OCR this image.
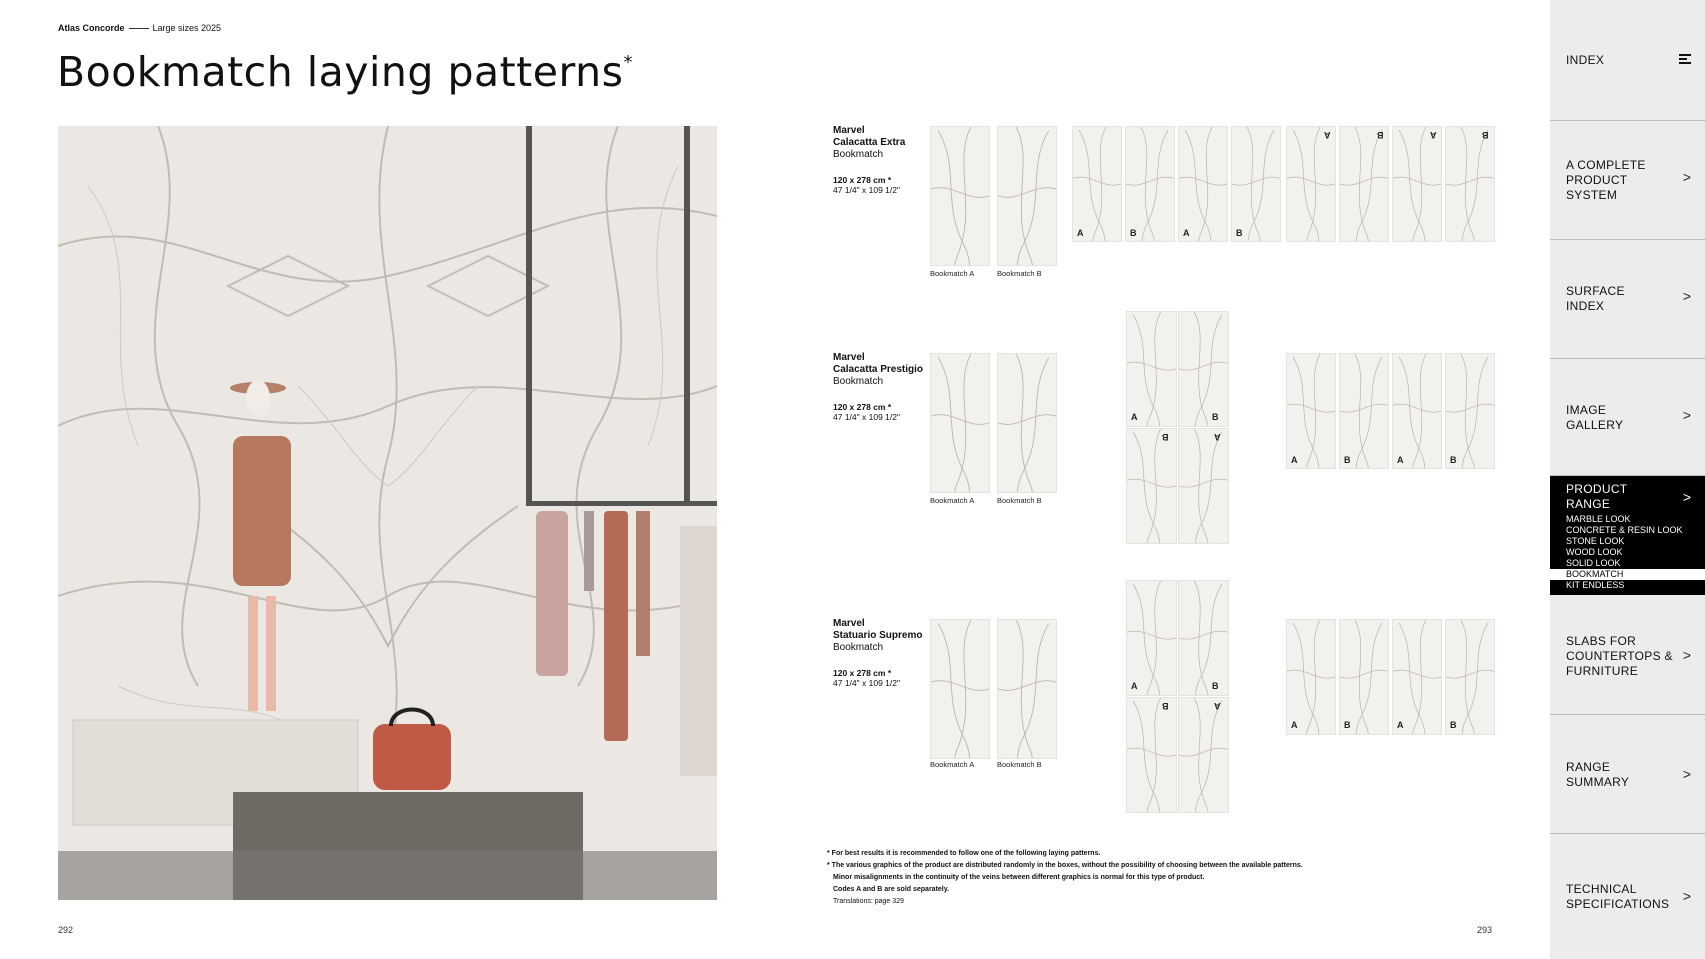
Atlas Concorde	Large sizes 2025
Bookmatch laying patterns*
292	293
Marvel
Calacatta Extra
Bookmatch
120 x 278 cm *
47 1/4" x 109 1/2"
Marvel
Calacatta Prestigio
Bookmatch
120 x 278 cm *
47 1/4" x 109 1/2"
Marvel
Statuario Supremo
Bookmatch
120 x 278 cm *
47 1/4" x 109 1/2"
Bookmatch A	Bookmatch B
A	B	A	B
A	B	A	B
Bookmatch A	Bookmatch B
A	B
B	A
A	B	A	B
Bookmatch A	Bookmatch B
A	B
B	A
A	B	A	B
* For best results it is recommended to follow one of the following laying patterns.
* The various graphics of the product are distributed randomly in the boxes, without the possibility of choosing between the available patterns.
Minor misalignments in the continuity of the veins between different graphics is normal for this type of product.
Codes A and B are sold separately.
Translations: page 329
INDEX
A COMPLETE PRODUCT SYSTEM
>
SURFACE INDEX
>
IMAGE GALLERY
>
PRODUCT RANGE	>
MARBLE LOOK
CONCRETE & RESIN LOOK
STONE LOOK
WOOD LOOK
SOLID LOOK
BOOKMATCH
KIT ENDLESS
SLABS FOR COUNTERTOPS & FURNITURE
>
RANGE SUMMARY	>
TECHNICAL SPECIFICATIONS >
